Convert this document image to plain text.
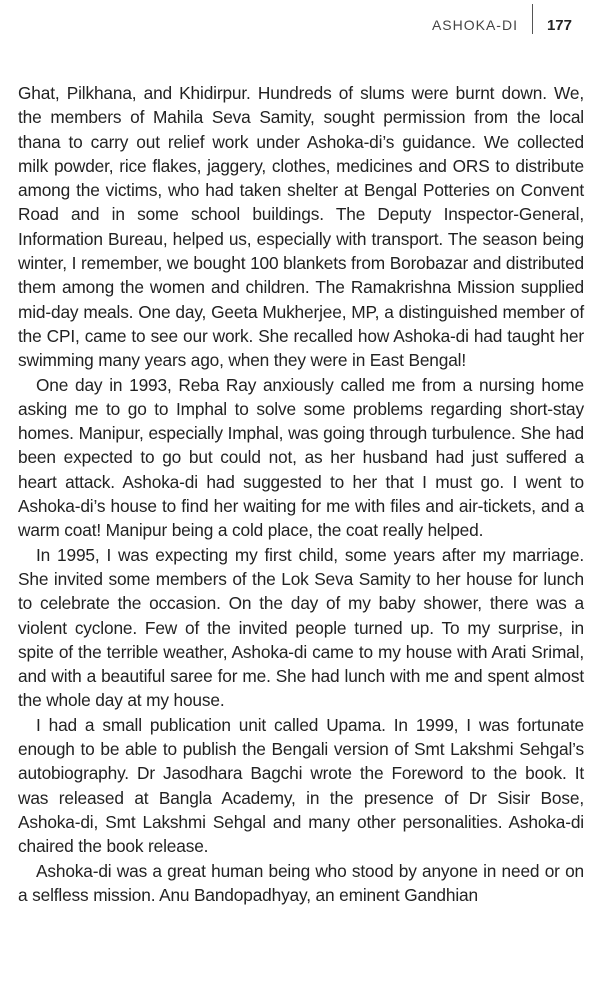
ASHOKA-DI 177

Ghat, Pilkhana, and Khidirpur. Hundreds of slums were burnt down. We, the members of Mahila Seva Samity, sought permission from the local thana to carry out relief work under Ashoka-di’s guidance. We collected milk powder, rice flakes, jaggery, clothes, medicines and ORS to distribute among the victims, who had taken shelter at Bengal Potteries on Convent Road and in some school buildings. The Deputy Inspector-General, Information Bureau, helped us, especially with transport. The season being winter, I remember, we bought 100 blankets from Borobazar and distributed them among the women and children. The Ramakrishna Mission supplied mid-day meals. One day, Geeta Mukherjee, MP, a distinguished member of the CPI, came to see our work. She recalled how Ashoka-di had taught her swimming many years ago, when they were in East Bengal!

One day in 1993, Reba Ray anxiously called me from a nursing home asking me to go to Imphal to solve some problems regarding short-stay homes. Manipur, especially Imphal, was going through turbulence. She had been expected to go but could not, as her husband had just suffered a heart attack. Ashoka-di had suggested to her that I must go. I went to Ashoka-di’s house to find her waiting for me with files and air-tickets, and a warm coat! Manipur being a cold place, the coat really helped.

In 1995, I was expecting my first child, some years after my marriage. She invited some members of the Lok Seva Samity to her house for lunch to celebrate the occasion. On the day of my baby shower, there was a violent cyclone. Few of the invited people turned up. To my surprise, in spite of the terrible weather, Ashoka-di came to my house with Arati Srimal, and with a beautiful saree for me. She had lunch with me and spent almost the whole day at my house.

I had a small publication unit called Upama. In 1999, I was fortunate enough to be able to publish the Bengali version of Smt Lakshmi Sehgal’s autobiography. Dr Jasodhara Bagchi wrote the Foreword to the book. It was released at Bangla Academy, in the presence of Dr Sisir Bose, Ashoka-di, Smt Lakshmi Sehgal and many other personalities. Ashoka-di chaired the book release.

Ashoka-di was a great human being who stood by anyone in need or on a selfless mission. Anu Bandopadhyay, an eminent Gandhian
